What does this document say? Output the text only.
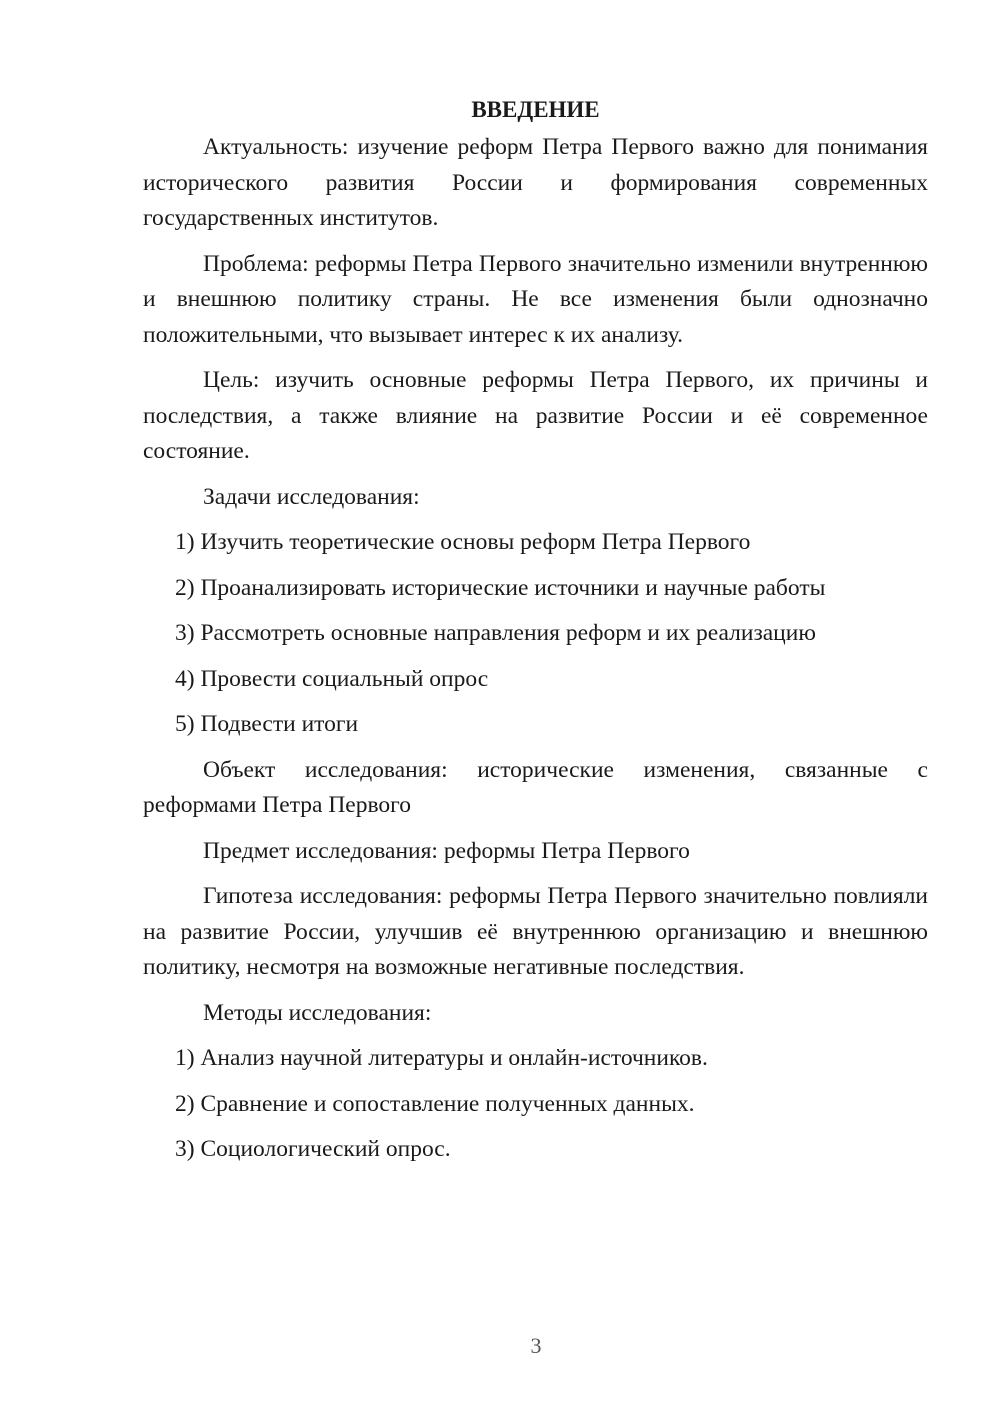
ВВЕДЕНИЕ

Актуальность: изучение реформ Петра Первого важно для понимания исторического развития России и формирования современных государственных институтов.

Проблема: реформы Петра Первого значительно изменили внутреннюю и внешнюю политику страны. Не все изменения были однозначно положительными, что вызывает интерес к их анализу.

Цель: изучить основные реформы Петра Первого, их причины и последствия, а также влияние на развитие России и её современное состояние.

Задачи исследования:

1) Изучить теоретические основы реформ Петра Первого
2) Проанализировать исторические источники и научные работы
3) Рассмотреть основные направления реформ и их реализацию
4) Провести социальный опрос
5) Подвести итоги

Объект исследования: исторические изменения, связанные с реформами Петра Первого

Предмет исследования: реформы Петра Первого

Гипотеза исследования: реформы Петра Первого значительно повлияли на развитие России, улучшив её внутреннюю организацию и внешнюю политику, несмотря на возможные негативные последствия.

Методы исследования:

1) Анализ научной литературы и онлайн-источников.
2) Сравнение и сопоставление полученных данных.
3) Социологический опрос.
3
